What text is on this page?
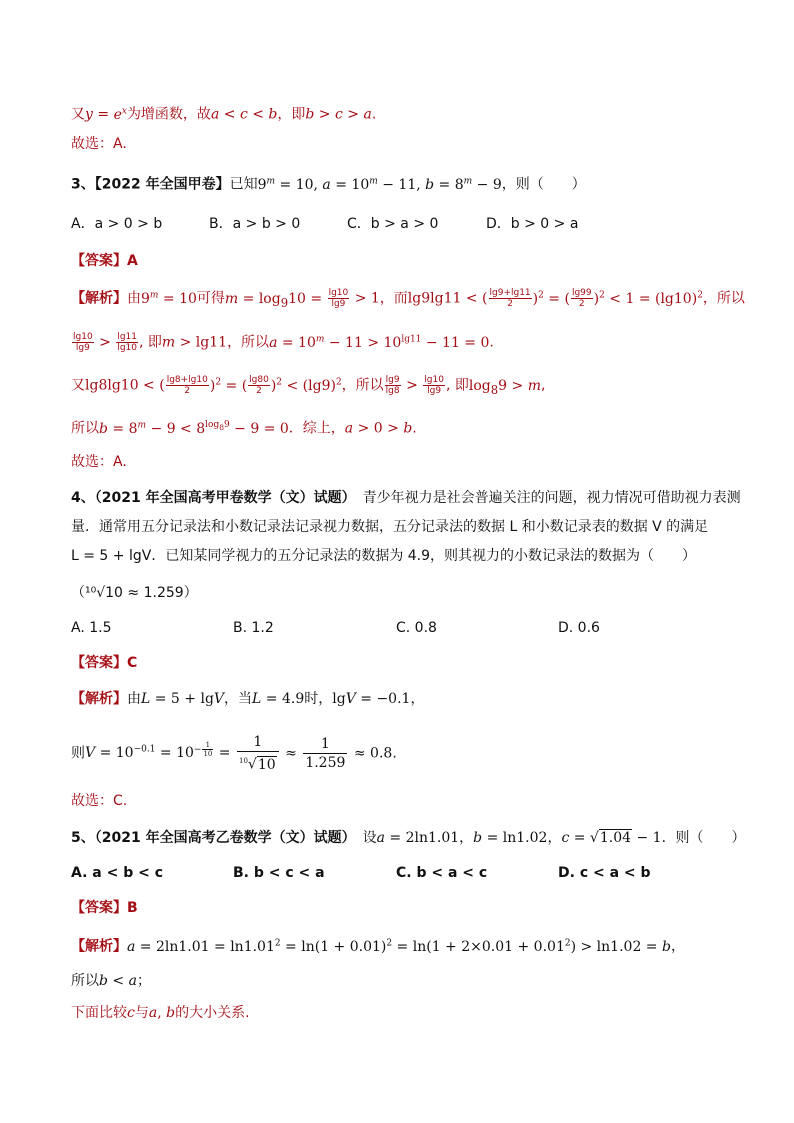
又$y = e^x$为增函数，故a < c < b，即b > c > a.
故选：A.
3、【2022 年全国甲卷】已知$9^m = 10$, $a = 10^m - 11$, $b = 8^m - 9$，则（　　）
A．a > 0 > b	B．a > b > 0	C．b > a > 0	D．b > 0 > a
【答案】A
【解析】由$9^m = 10$可得$m = \log_910 = \frac{\lg 10}{\lg 9} > 1$，而lg9lg11 < ( $\frac{\lg 9+\lg 11}{2} )^2$ = ( $\frac{\lg 99}{2} )^2 < 1 = (\lg 10)^2$，所以
$\frac{\lg 10}{\lg 9} > \frac{\lg 11}{\lg 10}$ , 即m > lg11，所以$a = 10^m - 11 > 10^{lg11} - 11 = 0$.
又lg8lg10 < ( $\frac{\lg 8+\lg 10}{2} )^2$ = ( $\frac{\lg 80}{2} )^2 < (\lg 9)^2$，所以 $\frac{\lg 9}{\lg 8} > \frac{\lg 10}{\lg 9}$ , 即$\log_89 > m$,
所以$b = 8^m - 9 < 8^{log_89} - 9 = 0$．综上，a > 0 > b.
故选：A.
4、（2021 年全国高考甲卷数学（文）试题）　 青少年视力是社会普遍关注的问题，视力情况可借助视力表测
量．通常用五分记录法和小数记录法记录视力数据，五分记录法的数据 L 和小数记录表的数据 V 的满足
L = 5 + lgV．已知某同学视力的五分记录法的数据为 4.9，则其视力的小数记录法的数据为（　　）
（¹⁰√10 ≈ 1.259）
A. 1.5	B. 1.2	C. 0.8	D. 0.6
【答案】C
【解析】由L = 5 + lgV，当L = 4.9时，lgV = −0.1，
则$V = 10^{-0.1} = 10^{- \frac{1}{10}} = \frac{1}{^{10}√10} \approx \frac{1}{1.259} \approx 0.8$.
故选：C.
5、（2021 年全国高考乙卷数学（文）试题）　设a = 2ln1.01，b = ln1.02，c = √1.04 − 1．则（　　）
A. a < b < c	B. b < c < a	C. b < a < c	D. c < a < b
【答案】B
【解析】$a = 2\ln 1.01 = \ln 1.01^2 = \ln(1 + 0.01)^2 = \ln(1 + 2\times 0.01 + 0.01^2) > \ln 1.02 = b$，
所以b < a；
下面比较c与a, b的大小关系.
